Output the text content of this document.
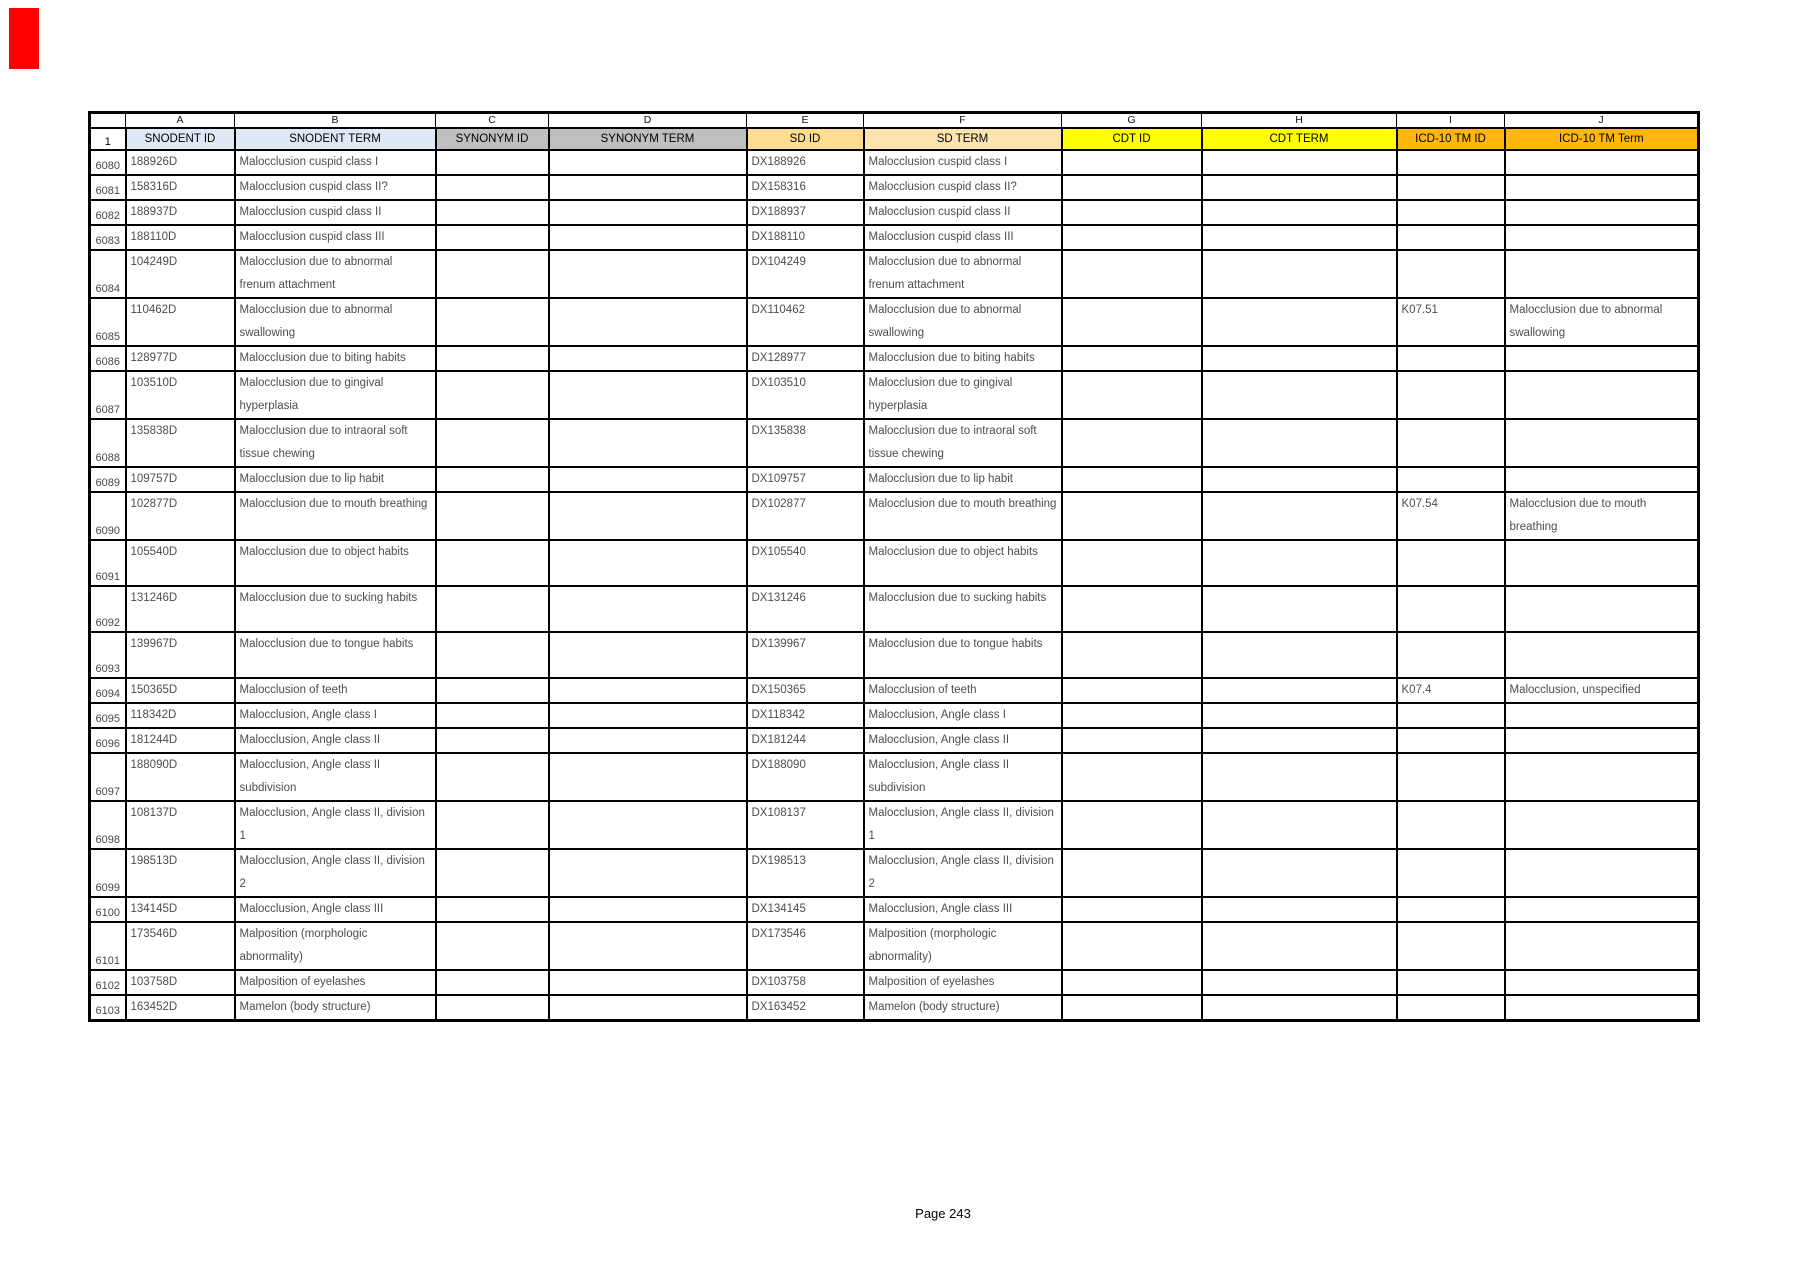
	A	B	C	D	E	F	G	H	I	J
1	SNODENT ID	SNODENT TERM	SYNONYM ID	SYNONYM TERM	SD ID	SD TERM	CDT ID	CDT TERM	ICD-10 TM ID	ICD-10 TM Term
6080	188926D	Malocclusion cuspid class I			DX188926	Malocclusion cuspid class I				
6081	158316D	Malocclusion cuspid class II?			DX158316	Malocclusion cuspid class II?				
6082	188937D	Malocclusion cuspid class II			DX188937	Malocclusion cuspid class II				
6083	188110D	Malocclusion cuspid class III			DX188110	Malocclusion cuspid class III				
6084	104249D	Malocclusion due to abnormal frenum attachment			DX104249	Malocclusion due to abnormal frenum attachment				
6085	110462D	Malocclusion due to abnormal swallowing			DX110462	Malocclusion due to abnormal swallowing			K07.51	Malocclusion due to abnormal swallowing
6086	128977D	Malocclusion due to biting habits			DX128977	Malocclusion due to biting habits				
6087	103510D	Malocclusion due to gingival hyperplasia			DX103510	Malocclusion due to gingival hyperplasia				
6088	135838D	Malocclusion due to intraoral soft tissue chewing			DX135838	Malocclusion due to intraoral soft tissue chewing				
6089	109757D	Malocclusion due to lip habit			DX109757	Malocclusion due to lip habit				
6090	102877D	Malocclusion due to mouth breathing			DX102877	Malocclusion due to mouth breathing			K07.54	Malocclusion due to mouth breathing
6091	105540D	Malocclusion due to object habits			DX105540	Malocclusion due to object habits				
6092	131246D	Malocclusion due to sucking habits			DX131246	Malocclusion due to sucking habits				
6093	139967D	Malocclusion due to tongue habits			DX139967	Malocclusion due to tongue habits				
6094	150365D	Malocclusion of teeth			DX150365	Malocclusion of teeth			K07.4	Malocclusion, unspecified
6095	118342D	Malocclusion, Angle class I			DX118342	Malocclusion, Angle class I				
6096	181244D	Malocclusion, Angle class II			DX181244	Malocclusion, Angle class II				
6097	188090D	Malocclusion, Angle class II subdivision			DX188090	Malocclusion, Angle class II subdivision				
6098	108137D	Malocclusion, Angle class II, division 1			DX108137	Malocclusion, Angle class II, division 1				
6099	198513D	Malocclusion, Angle class II, division 2			DX198513	Malocclusion, Angle class II, division 2				
6100	134145D	Malocclusion, Angle class III			DX134145	Malocclusion, Angle class III				
6101	173546D	Malposition (morphologic abnormality)			DX173546	Malposition (morphologic abnormality)				
6102	103758D	Malposition of eyelashes			DX103758	Malposition of eyelashes				
6103	163452D	Mamelon (body structure)			DX163452	Mamelon (body structure)				
Page 243
